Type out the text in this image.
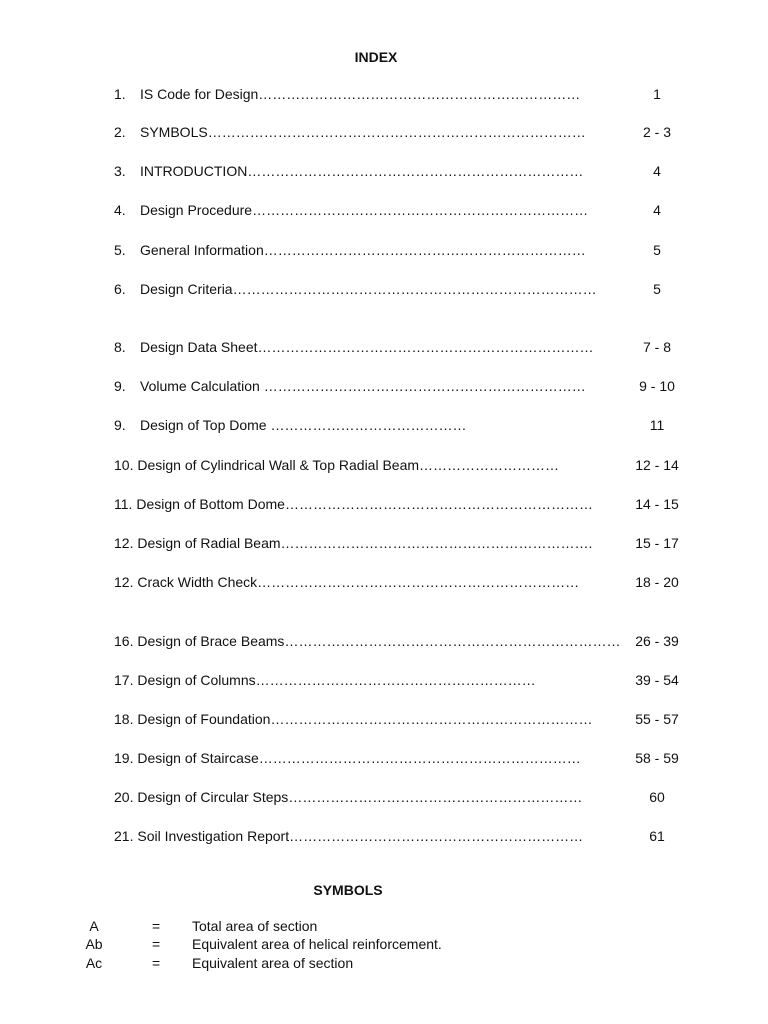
INDEX
1. IS Code for Design……………………………………………………………	1
2. SYMBOLS………………………………………………………………………	2 - 3
3. INTRODUCTION………………………………………………………………	4
4. Design Procedure………………………………………………………………	4
5. General Information……………………………………………………………	5
6. Design Criteria……………………………………………………………………	5
8. Design Data Sheet………………………………………………………………	7 - 8
9. Volume Calculation ……………………………………………………………	9 - 10
9. Design of Top Dome ……………………………………	11
10. Design of Cylindrical Wall & Top Radial Beam…………………………	12 - 14
11. Design of Bottom Dome…………………………………………………………	14 - 15
12. Design of Radial Beam………………………………………………………….	15 - 17
12. Crack Width Check……………………………………………………………	18 - 20
16. Design of Brace Beams………………………………………………………………	26 - 39
17. Design of Columns……………………………………………………	39 - 54
18. Design of Foundation……………………………………………………………	55 - 57
19. Design of Staircase……………………………………………………………	58 - 59
20. Design of Circular Steps………………………………………………………	60
21. Soil Investigation Report………………………………………………………	61
SYMBOLS
A	= Total area of section
Ab	= Equivalent area of helical reinforcement.
Ac	= Equivalent area of section
